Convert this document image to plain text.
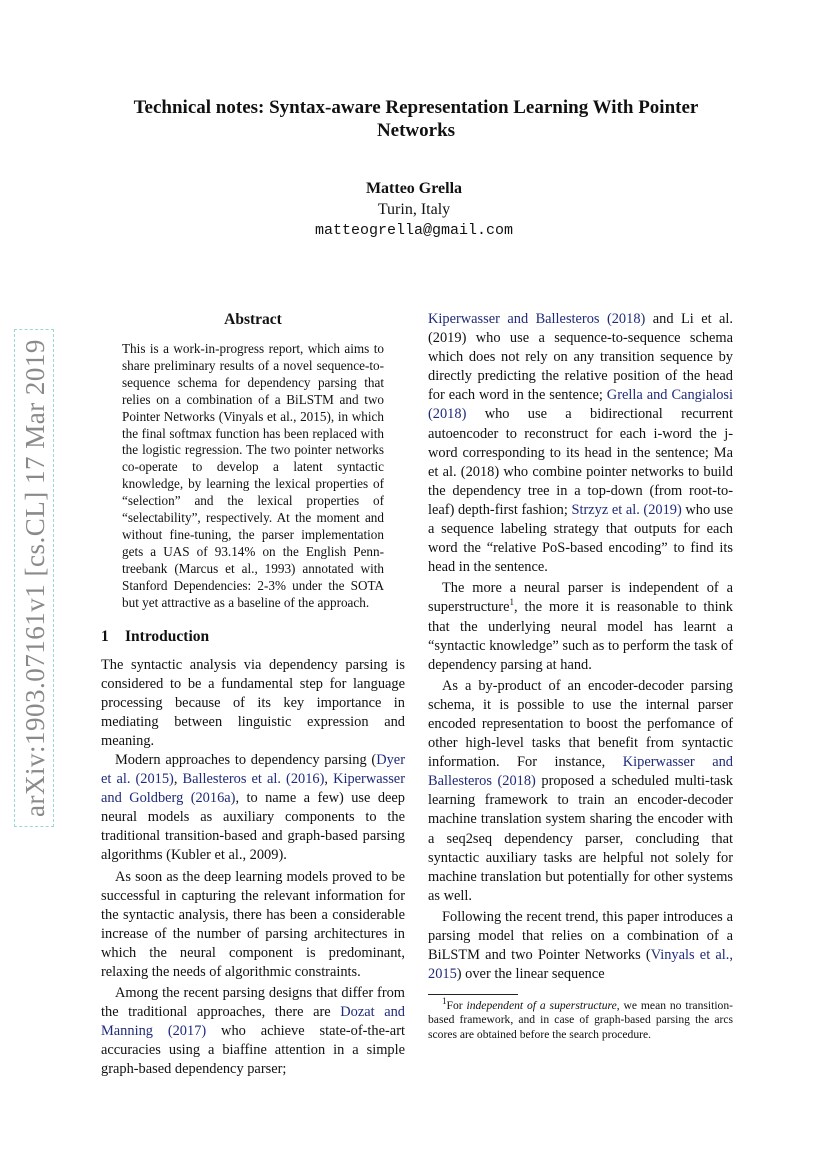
arXiv:1903.07161v1 [cs.CL] 17 Mar 2019
Technical notes: Syntax-aware Representation Learning With Pointer Networks
Matteo Grella
Turin, Italy
matteogrella@gmail.com
Abstract

This is a work-in-progress report, which aims to share preliminary results of a novel sequence-to-sequence schema for dependency parsing that relies on a combination of a BiLSTM and two Pointer Networks (Vinyals et al., 2015), in which the final softmax function has been replaced with the logistic regression. The two pointer networks co-operate to develop a latent syntactic knowledge, by learning the lexical properties of “selection” and the lexical properties of “selectability”, respectively. At the moment and without fine-tuning, the parser implementation gets a UAS of 93.14% on the English Penn-treebank (Marcus et al., 1993) annotated with Stanford Dependencies: 2-3% under the SOTA but yet attractive as a baseline of the approach.

1 Introduction

The syntactic analysis via dependency parsing is considered to be a fundamental step for language processing because of its key importance in mediating between linguistic expression and meaning.

Modern approaches to dependency parsing (Dyer et al. (2015), Ballesteros et al. (2016), Kiperwasser and Goldberg (2016a), to name a few) use deep neural models as auxiliary components to the traditional transition-based and graph-based parsing algorithms (Kubler et al., 2009).

As soon as the deep learning models proved to be successful in capturing the relevant information for the syntactic analysis, there has been a considerable increase of the number of parsing architectures in which the neural component is predominant, relaxing the needs of algorithmic constraints.

Among the recent parsing designs that differ from the traditional approaches, there are Dozat and Manning (2017) who achieve state-of-the-art accuracies using a biaffine attention in a simple graph-based dependency parser;

Kiperwasser and Ballesteros (2018) and Li et al. (2019) who use a sequence-to-sequence schema which does not rely on any transition sequence by directly predicting the relative position of the head for each word in the sentence; Grella and Cangialosi (2018) who use a bidirectional recurrent autoencoder to reconstruct for each i-word the j-word corresponding to its head in the sentence; Ma et al. (2018) who combine pointer networks to build the dependency tree in a top-down (from root-to-leaf) depth-first fashion; Strzyz et al. (2019) who use a sequence labeling strategy that outputs for each word the “relative PoS-based encoding” to find its head in the sentence.

The more a neural parser is independent of a superstructure$^1$, the more it is reasonable to think that the underlying neural model has learnt a “syntactic knowledge” such as to perform the task of dependency parsing at hand.

As a by-product of an encoder-decoder parsing schema, it is possible to use the internal parser encoded representation to boost the perfomance of other high-level tasks that benefit from syntactic information. For instance, Kiperwasser and Ballesteros (2018) proposed a scheduled multi-task learning framework to train an encoder-decoder machine translation system sharing the encoder with a seq2seq dependency parser, concluding that syntactic auxiliary tasks are helpful not solely for machine translation but potentially for other systems as well.

Following the recent trend, this paper introduces a parsing model that relies on a combination of a BiLSTM and two Pointer Networks (Vinyals et al., 2015) over the linear sequence

$^1$For independent of a superstructure, we mean no transition-based framework, and in case of graph-based parsing the arcs scores are obtained before the search procedure.
